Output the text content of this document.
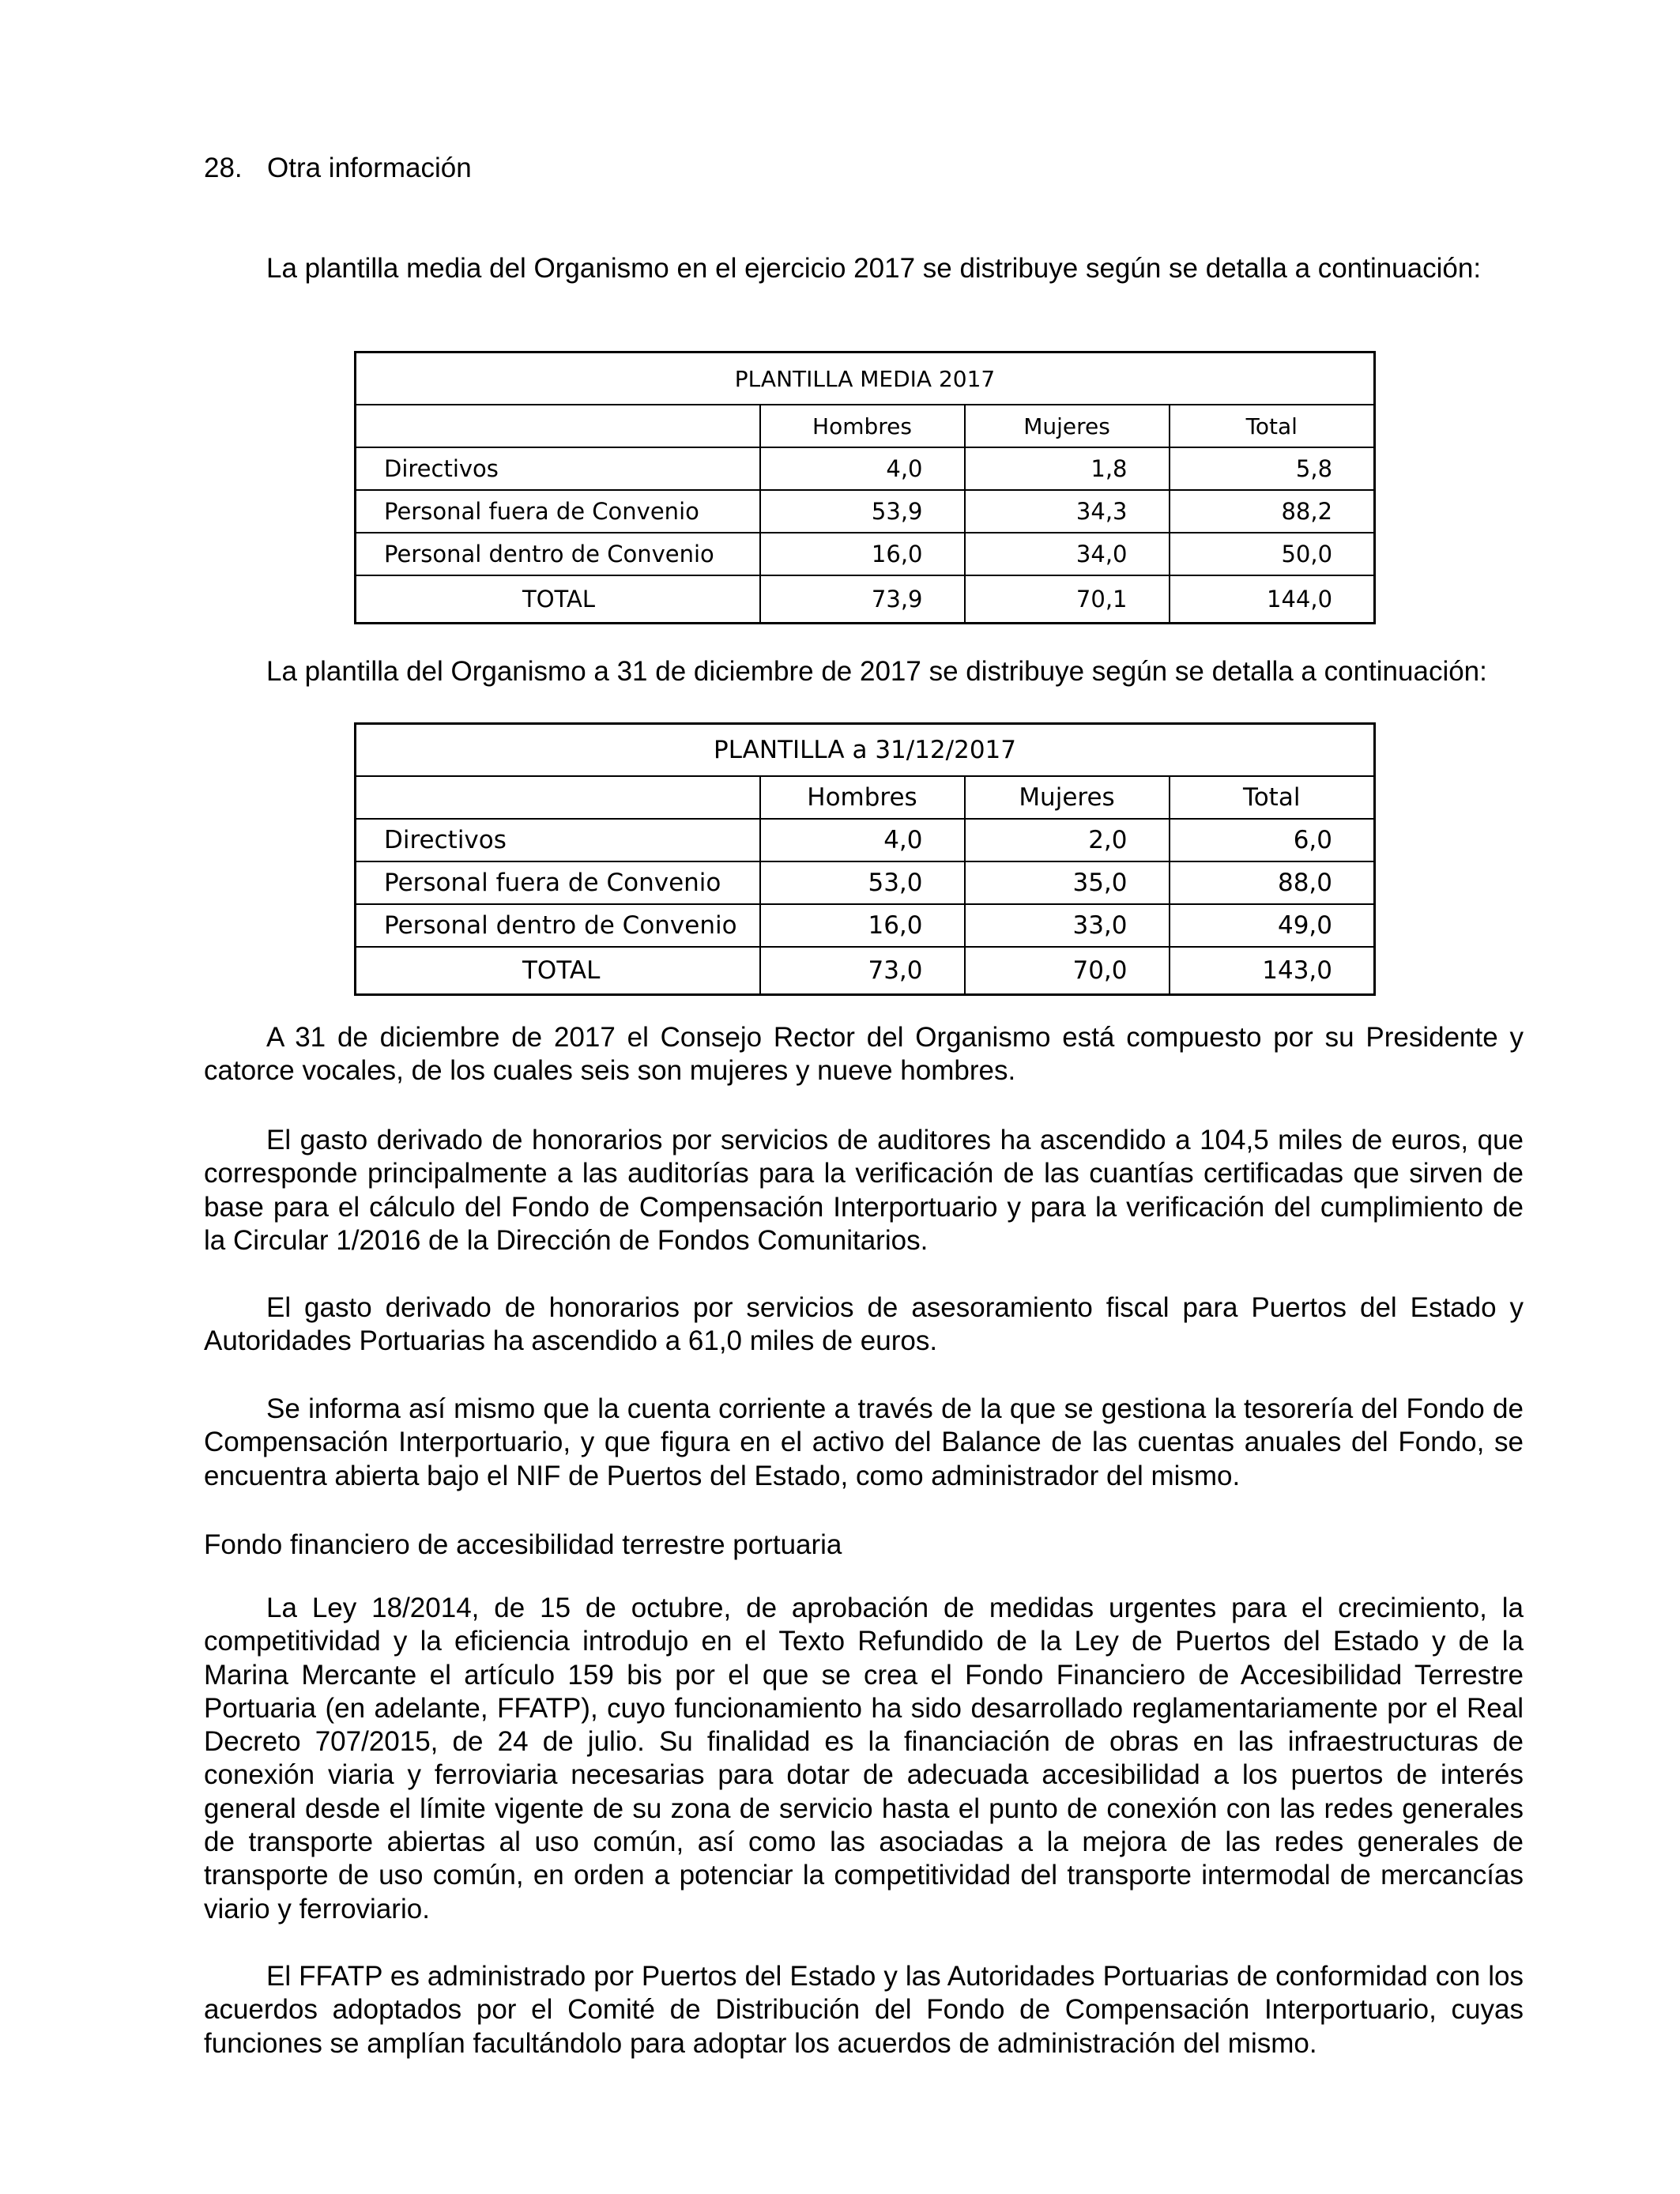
28. Otra información
La plantilla media del Organismo en el ejercicio 2017 se distribuye según se detalla a continuación:
PLANTILLA MEDIA 2017			
	Hombres	Mujeres	Total
Directivos	4,0	1,8	5,8
Personal fuera de Convenio	53,9	34,3	88,2
Personal dentro de Convenio	16,0	34,0	50,0
TOTAL	73,9	70,1	144,0
La plantilla del Organismo a 31 de diciembre de 2017 se distribuye según se detalla a continuación:
PLANTILLA a 31/12/2017			
	Hombres	Mujeres	Total
Directivos	4,0	2,0	6,0
Personal fuera de Convenio	53,0	35,0	88,0
Personal dentro de Convenio	16,0	33,0	49,0
TOTAL	73,0	70,0	143,0

A 31 de diciembre de 2017 el Consejo Rector del Organismo está compuesto por su Presidente y catorce vocales, de los cuales seis son mujeres y nueve hombres.

El gasto derivado de honorarios por servicios de auditores ha ascendido a 104,5 miles de euros, que corresponde principalmente a las auditorías para la verificación de las cuantías certificadas que sirven de base para el cálculo del Fondo de Compensación Interportuario y para la verificación del cumplimiento de la Circular 1/2016 de la Dirección de Fondos Comunitarios.

El gasto derivado de honorarios por servicios de asesoramiento fiscal para Puertos del Estado y Autoridades Portuarias ha ascendido a 61,0 miles de euros.

Se informa así mismo que la cuenta corriente a través de la que se gestiona la tesorería del Fondo de Compensación Interportuario, y que figura en el activo del Balance de las cuentas anuales del Fondo, se encuentra abierta bajo el NIF de Puertos del Estado, como administrador del mismo.

Fondo financiero de accesibilidad terrestre portuaria

La Ley 18/2014, de 15 de octubre, de aprobación de medidas urgentes para el crecimiento, la competitividad y la eficiencia introdujo en el Texto Refundido de la Ley de Puertos del Estado y de la Marina Mercante el artículo 159 bis por el que se crea el Fondo Financiero de Accesibilidad Terrestre Portuaria (en adelante, FFATP), cuyo funcionamiento ha sido desarrollado reglamentariamente por el Real Decreto 707/2015, de 24 de julio. Su finalidad es la financiación de obras en las infraestructuras de conexión viaria y ferroviaria necesarias para dotar de adecuada accesibilidad a los puertos de interés general desde el límite vigente de su zona de servicio hasta el punto de conexión con las redes generales de transporte abiertas al uso común, así como las asociadas a la mejora de las redes generales de transporte de uso común, en orden a potenciar la competitividad del transporte intermodal de mercancías viario y ferroviario.

El FFATP es administrado por Puertos del Estado y las Autoridades Portuarias de conformidad con los acuerdos adoptados por el Comité de Distribución del Fondo de Compensación Interportuario, cuyas funciones se amplían facultándolo para adoptar los acuerdos de administración del mismo.
